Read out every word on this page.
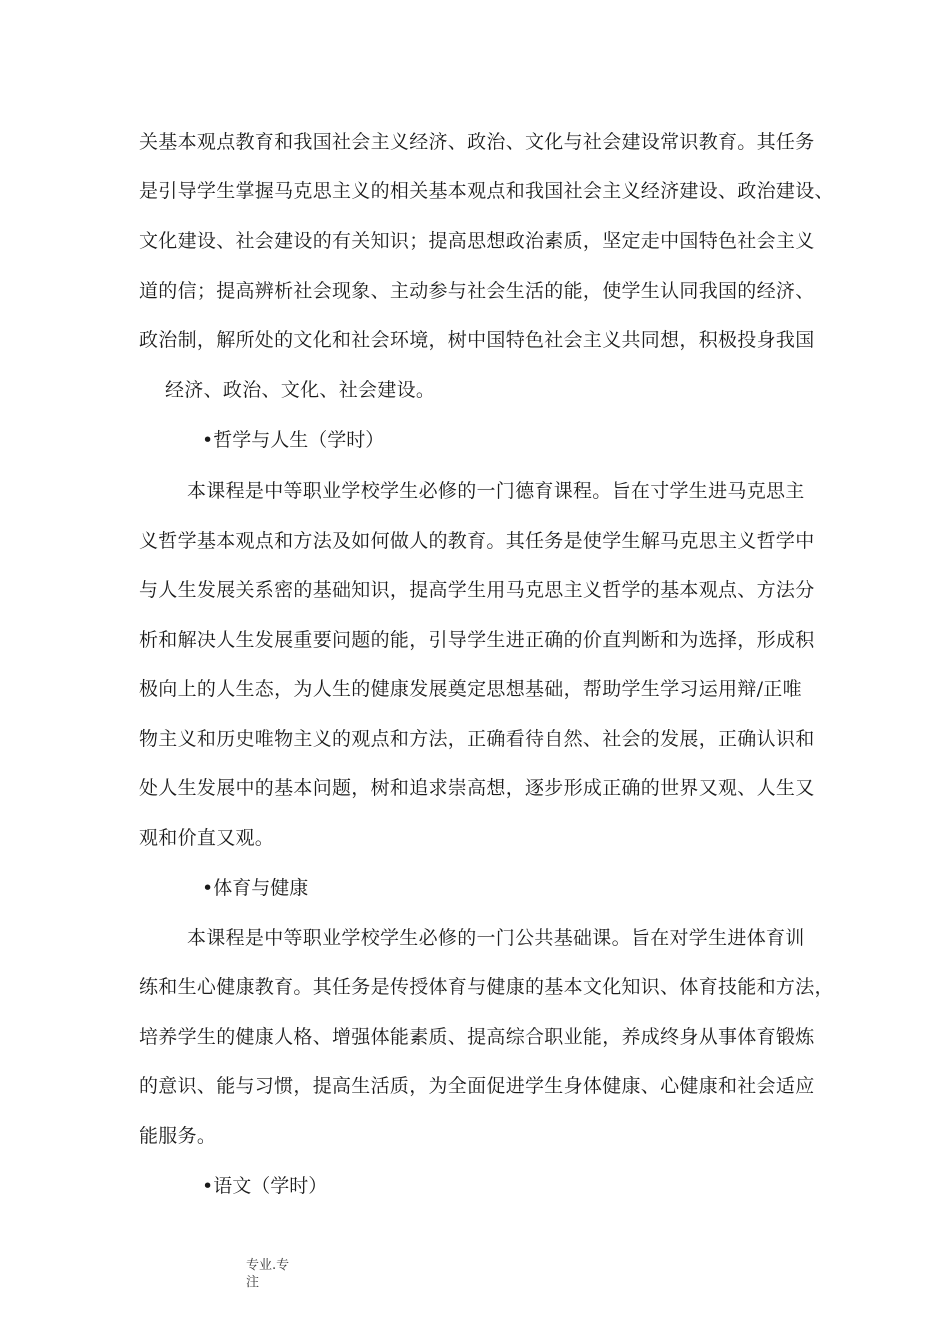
关基本观点教育和我国社会主义经济、政治、文化与社会建设常识教育。其任务
是引导学生掌握马克思主义的相关基本观点和我国社会主义经济建设、政治建设、
文化建设、社会建设的有关知识；提高思想政治素质，坚定走中国特色社会主义
道的信；提高辨析社会现象、主动参与社会生活的能，使学生认同我国的经济、
政治制，解所处的文化和社会环境，树中国特色社会主义共同想，积极投身我国
经济、政治、文化、社会建设。
•哲学与人生（学时）
本课程是中等职业学校学生必修的一门德育课程。旨在寸学生进马克思主
义哲学基本观点和方法及如何做人的教育。其任务是使学生解马克思主义哲学中
与人生发展关系密的基础知识，提高学生用马克思主义哲学的基本观点、方法分
析和解决人生发展重要问题的能，引导学生进正确的价直判断和为选择，形成积
极向上的人生态，为人生的健康发展奠定思想基础，帮助学生学习运用辩/正唯
物主义和历史唯物主义的观点和方法，正确看待自然、社会的发展，正确认识和
处人生发展中的基本问题，树和追求崇高想，逐步形成正确的世界又观、人生又
观和价直又观。
•体育与健康
本课程是中等职业学校学生必修的一门公共基础课。旨在对学生进体育训
练和生心健康教育。其任务是传授体育与健康的基本文化知识、体育技能和方法，
培养学生的健康人格、增强体能素质、提高综合职业能，养成终身从事体育锻炼
的意识、能与习惯，提高生活质，为全面促进学生身体健康、心健康和社会适应
能服务。
•语文（学时）
专业.专
注
